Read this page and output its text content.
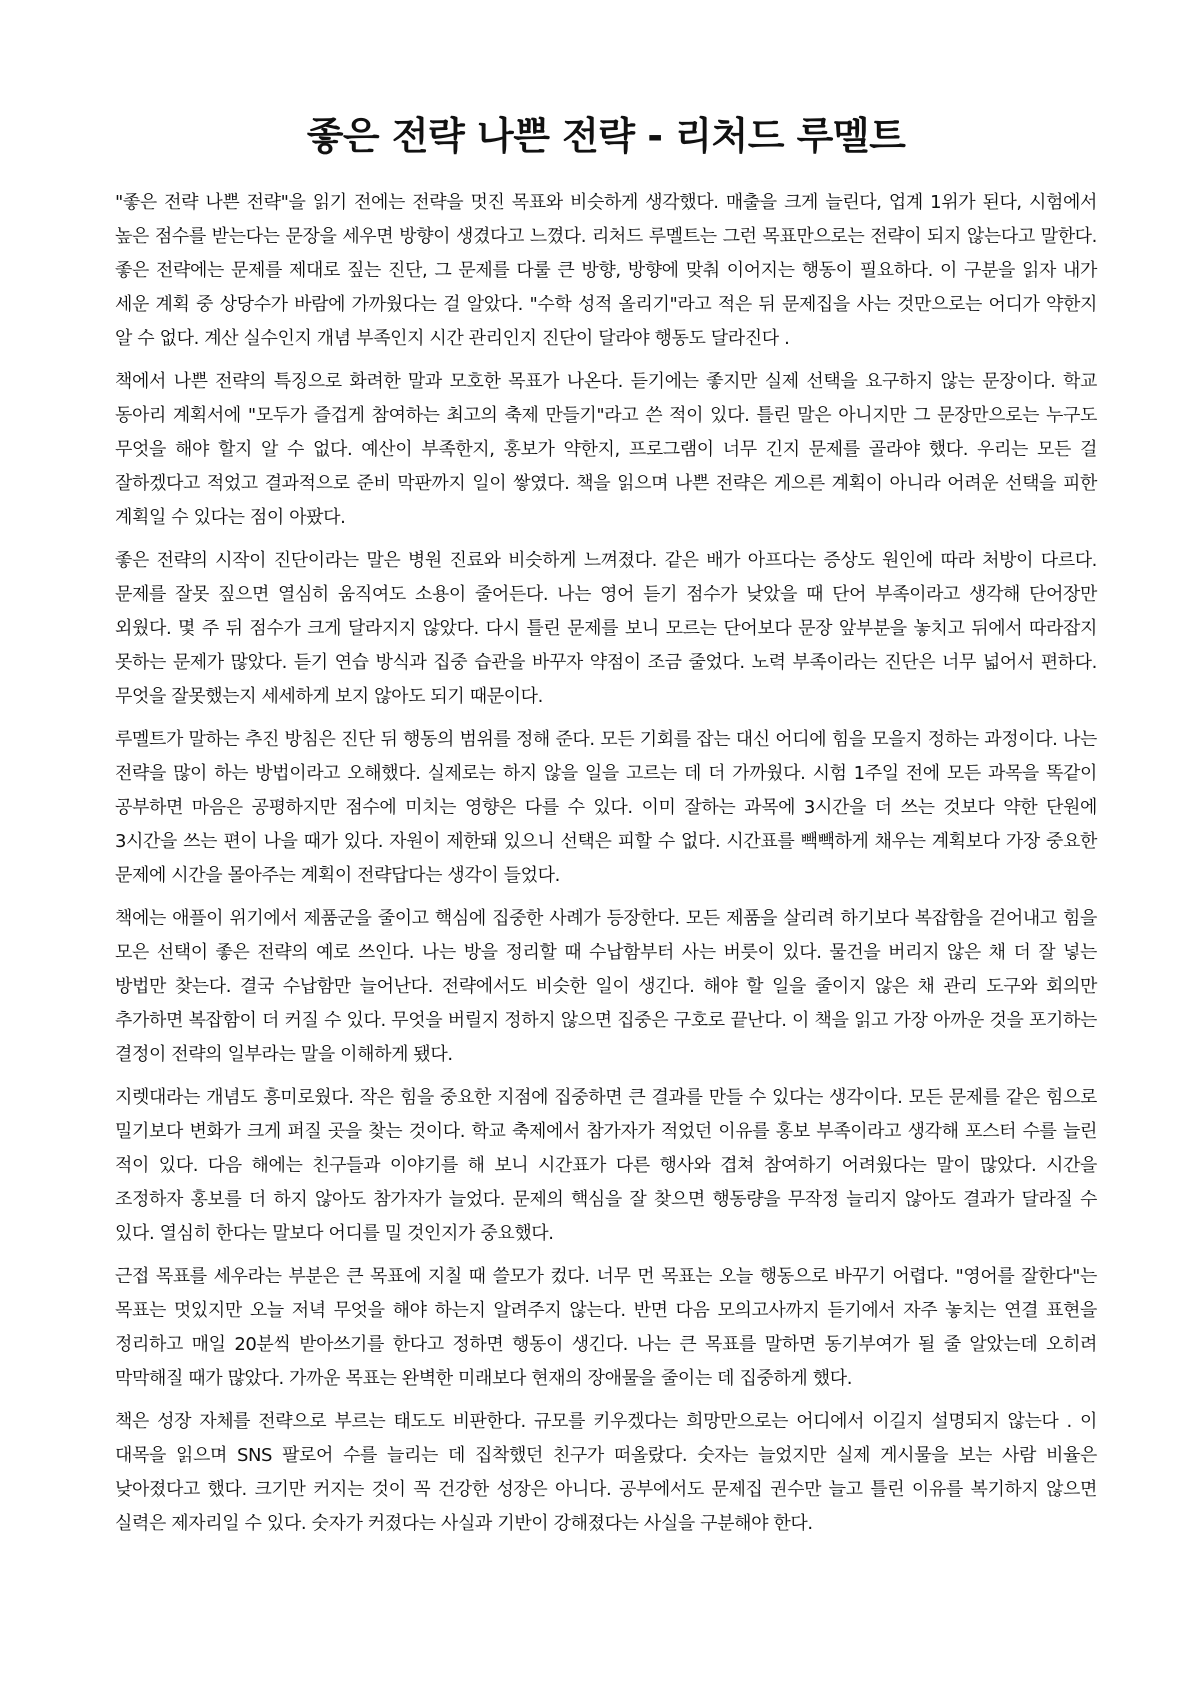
좋은 전략 나쁜 전략 - 리처드 루멜트

"좋은 전략 나쁜 전략"을 읽기 전에는 전략을 멋진 목표와 비슷하게 생각했다. 매출을 크게 늘린다, 업계 1위가 된다, 시험에서 높은 점수를 받는다는 문장을 세우면 방향이 생겼다고 느꼈다. 리처드 루멜트는 그런 목표만으로는 전략이 되지 않는다고 말한다. 좋은 전략에는 문제를 제대로 짚는 진단, 그 문제를 다룰 큰 방향, 방향에 맞춰 이어지는 행동이 필요하다. 이 구분을 읽자 내가 세운 계획 중 상당수가 바람에 가까웠다는 걸 알았다. "수학 성적 올리기"라고 적은 뒤 문제집을 사는 것만으로는 어디가 약한지 알 수 없다. 계산 실수인지 개념 부족인지 시간 관리인지 진단이 달라야 행동도 달라진다 .

책에서 나쁜 전략의 특징으로 화려한 말과 모호한 목표가 나온다. 듣기에는 좋지만 실제 선택을 요구하지 않는 문장이다. 학교 동아리 계획서에 "모두가 즐겁게 참여하는 최고의 축제 만들기"라고 쓴 적이 있다. 틀린 말은 아니지만 그 문장만으로는 누구도 무엇을 해야 할지 알 수 없다. 예산이 부족한지, 홍보가 약한지, 프로그램이 너무 긴지 문제를 골라야 했다. 우리는 모든 걸 잘하겠다고 적었고 결과적으로 준비 막판까지 일이 쌓였다. 책을 읽으며 나쁜 전략은 게으른 계획이 아니라 어려운 선택을 피한 계획일 수 있다는 점이 아팠다.

좋은 전략의 시작이 진단이라는 말은 병원 진료와 비슷하게 느껴졌다. 같은 배가 아프다는 증상도 원인에 따라 처방이 다르다. 문제를 잘못 짚으면 열심히 움직여도 소용이 줄어든다. 나는 영어 듣기 점수가 낮았을 때 단어 부족이라고 생각해 단어장만 외웠다. 몇 주 뒤 점수가 크게 달라지지 않았다. 다시 틀린 문제를 보니 모르는 단어보다 문장 앞부분을 놓치고 뒤에서 따라잡지 못하는 문제가 많았다. 듣기 연습 방식과 집중 습관을 바꾸자 약점이 조금 줄었다. 노력 부족이라는 진단은 너무 넓어서 편하다. 무엇을 잘못했는지 세세하게 보지 않아도 되기 때문이다.

루멜트가 말하는 추진 방침은 진단 뒤 행동의 범위를 정해 준다. 모든 기회를 잡는 대신 어디에 힘을 모을지 정하는 과정이다. 나는 전략을 많이 하는 방법이라고 오해했다. 실제로는 하지 않을 일을 고르는 데 더 가까웠다. 시험 1주일 전에 모든 과목을 똑같이 공부하면 마음은 공평하지만 점수에 미치는 영향은 다를 수 있다. 이미 잘하는 과목에 3시간을 더 쓰는 것보다 약한 단원에 3시간을 쓰는 편이 나을 때가 있다. 자원이 제한돼 있으니 선택은 피할 수 없다. 시간표를 빽빽하게 채우는 계획보다 가장 중요한 문제에 시간을 몰아주는 계획이 전략답다는 생각이 들었다.

책에는 애플이 위기에서 제품군을 줄이고 핵심에 집중한 사례가 등장한다. 모든 제품을 살리려 하기보다 복잡함을 걷어내고 힘을 모은 선택이 좋은 전략의 예로 쓰인다. 나는 방을 정리할 때 수납함부터 사는 버릇이 있다. 물건을 버리지 않은 채 더 잘 넣는 방법만 찾는다. 결국 수납함만 늘어난다. 전략에서도 비슷한 일이 생긴다. 해야 할 일을 줄이지 않은 채 관리 도구와 회의만 추가하면 복잡함이 더 커질 수 있다. 무엇을 버릴지 정하지 않으면 집중은 구호로 끝난다. 이 책을 읽고 가장 아까운 것을 포기하는 결정이 전략의 일부라는 말을 이해하게 됐다.

지렛대라는 개념도 흥미로웠다. 작은 힘을 중요한 지점에 집중하면 큰 결과를 만들 수 있다는 생각이다. 모든 문제를 같은 힘으로 밀기보다 변화가 크게 퍼질 곳을 찾는 것이다. 학교 축제에서 참가자가 적었던 이유를 홍보 부족이라고 생각해 포스터 수를 늘린 적이 있다. 다음 해에는 친구들과 이야기를 해 보니 시간표가 다른 행사와 겹쳐 참여하기 어려웠다는 말이 많았다. 시간을 조정하자 홍보를 더 하지 않아도 참가자가 늘었다. 문제의 핵심을 잘 찾으면 행동량을 무작정 늘리지 않아도 결과가 달라질 수 있다. 열심히 한다는 말보다 어디를 밀 것인지가 중요했다.

근접 목표를 세우라는 부분은 큰 목표에 지칠 때 쓸모가 컸다. 너무 먼 목표는 오늘 행동으로 바꾸기 어렵다. "영어를 잘한다"는 목표는 멋있지만 오늘 저녁 무엇을 해야 하는지 알려주지 않는다. 반면 다음 모의고사까지 듣기에서 자주 놓치는 연결 표현을 정리하고 매일 20분씩 받아쓰기를 한다고 정하면 행동이 생긴다. 나는 큰 목표를 말하면 동기부여가 될 줄 알았는데 오히려 막막해질 때가 많았다. 가까운 목표는 완벽한 미래보다 현재의 장애물을 줄이는 데 집중하게 했다.

책은 성장 자체를 전략으로 부르는 태도도 비판한다. 규모를 키우겠다는 희망만으로는 어디에서 이길지 설명되지 않는다 . 이 대목을 읽으며 SNS 팔로어 수를 늘리는 데 집착했던 친구가 떠올랐다. 숫자는 늘었지만 실제 게시물을 보는 사람 비율은 낮아졌다고 했다. 크기만 커지는 것이 꼭 건강한 성장은 아니다. 공부에서도 문제집 권수만 늘고 틀린 이유를 복기하지 않으면 실력은 제자리일 수 있다. 숫자가 커졌다는 사실과 기반이 강해졌다는 사실을 구분해야 한다.
